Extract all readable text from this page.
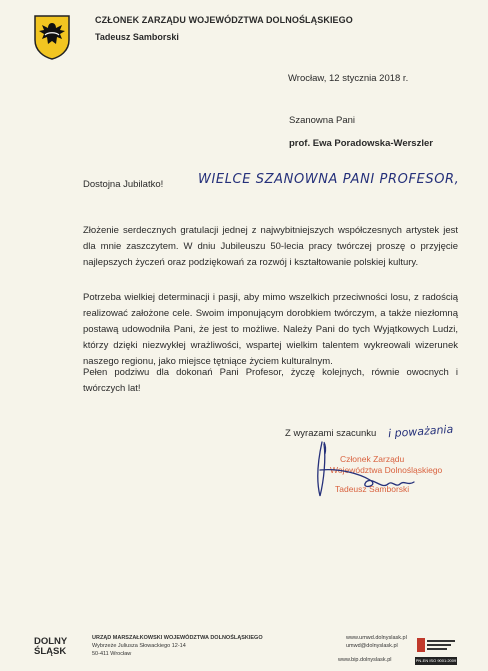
CZŁONEK ZARZĄDU WOJEWÓDZTWA DOLNOŚLĄSKIEGO
Tadeusz Samborski
Wrocław, 12 stycznia 2018 r.
Szanowna Pani
prof. Ewa Poradowska-Werszler
Dostojna Jubilatko!	WIELCE SZANOWNA PANI PROFESOR,

Złożenie serdecznych gratulacji jednej z najwybitniejszych współczesnych artystek jest dla mnie zaszczytem. W dniu Jubileuszu 50-lecia pracy twórczej proszę o przyjęcie najlepszych życzeń oraz podziękowań za rozwój i kształtowanie polskiej kultury.

Potrzeba wielkiej determinacji i pasji, aby mimo wszelkich przeciwności losu, z radością realizować założone cele. Swoim imponującym dorobkiem twórczym, a także niezłomną postawą udowodniła Pani, że jest to możliwe. Należy Pani do tych Wyjątkowych Ludzi, którzy dzięki niezwykłej wrażliwości, wspartej wielkim talentem wykreowali wizerunek naszego regionu, jako miejsce tętniące życiem kulturalnym.

Pełen podziwu dla dokonań Pani Profesor, życzę kolejnych, równie owocnych i twórczych lat!

Z wyrazami szacunku i poważania
Członek Zarządu
Województwa Dolnośląskiego
Tadeusz Samborski
DOLNY
ŚLĄSK
URZĄD MARSZAŁKOWSKI WOJEWÓDZTWA DOLNOŚLĄSKIEGO
Wybrzeże Juliusza Słowackiego 12-14
50-411 Wrocław
www.umwd.dolnyslask.pl
umwd@dolnyslask.pl
www.bip.dolnyslask.pl	PN-EN ISO 9001:2009
